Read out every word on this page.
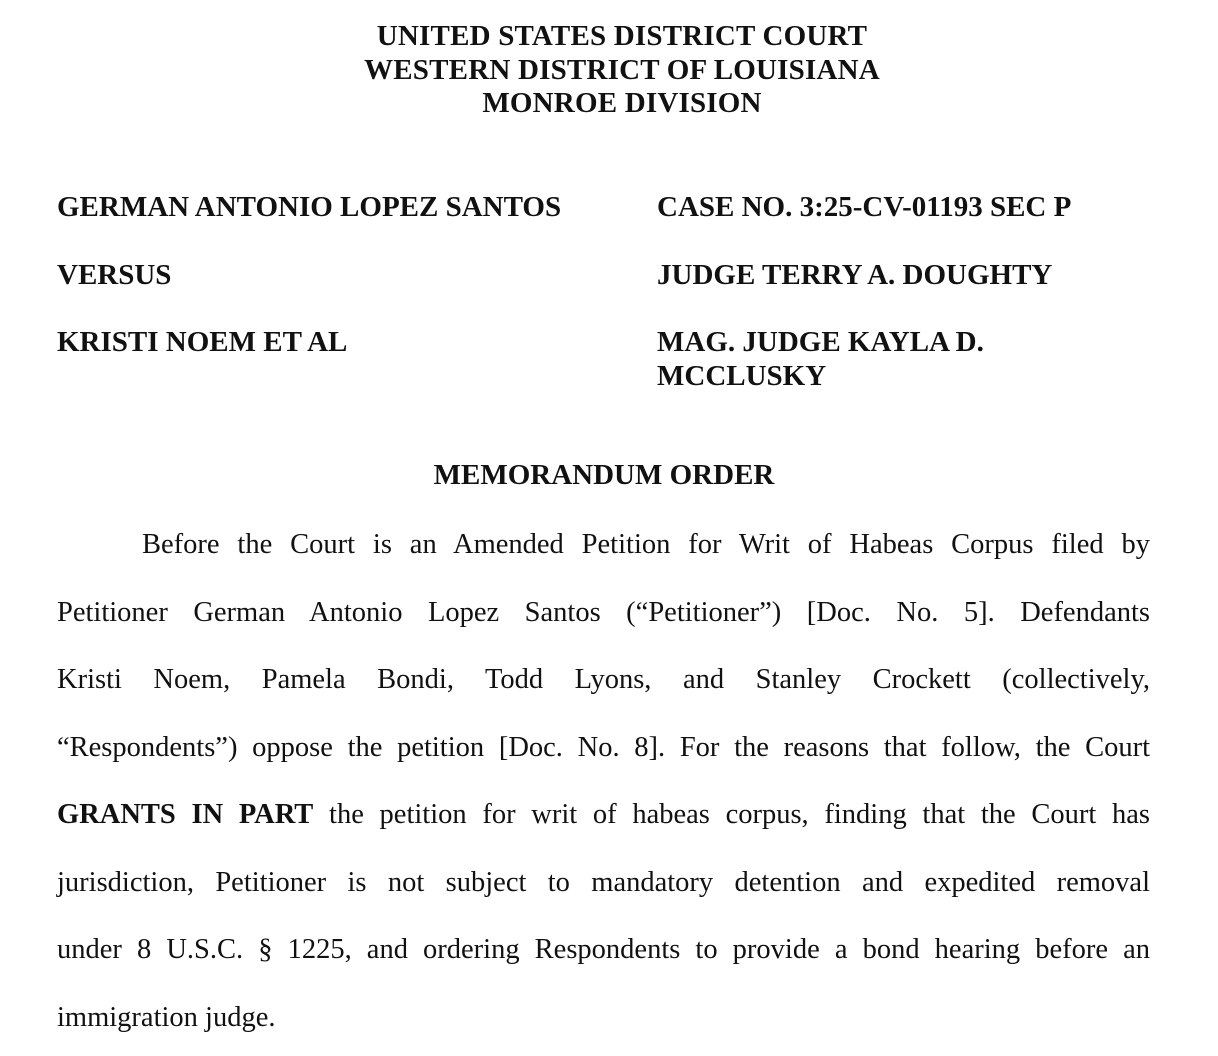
UNITED STATES DISTRICT COURT
WESTERN DISTRICT OF LOUISIANA
MONROE DIVISION
GERMAN ANTONIO LOPEZ SANTOS
VERSUS
KRISTI NOEM ET AL
CASE NO. 3:25-CV-01193 SEC P
JUDGE TERRY A. DOUGHTY
MAG. JUDGE KAYLA D.
MCCLUSKY
MEMORANDUM ORDER
Before the Court is an Amended Petition for Writ of Habeas Corpus filed by
Petitioner German Antonio Lopez Santos (“Petitioner”) [Doc. No. 5]. Defendants
Kristi Noem, Pamela Bondi, Todd Lyons, and Stanley Crockett (collectively,
“Respondents”) oppose the petition [Doc. No. 8]. For the reasons that follow, the Court
GRANTS IN PART the petition for writ of habeas corpus, finding that the Court has
jurisdiction, Petitioner is not subject to mandatory detention and expedited removal
under 8 U.S.C. § 1225, and ordering Respondents to provide a bond hearing before an
immigration judge.
